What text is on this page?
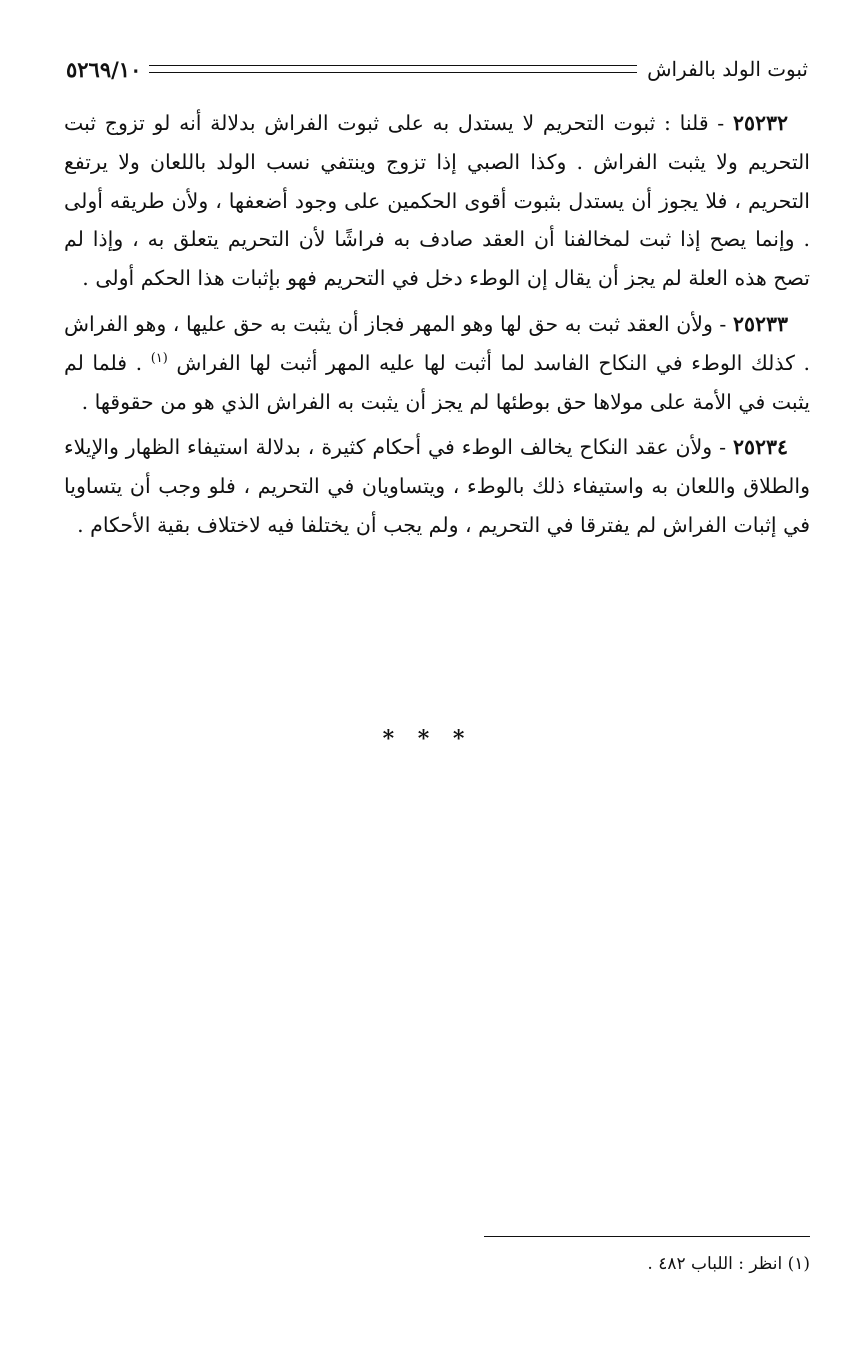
ثبوت الولد بالفراش
٥٢٦٩/١٠

٢٥٢٣٢ - قلنا : ثبوت التحريم لا يستدل به على ثبوت الفراش بدلالة أنه لو تزوج ثبت التحريم ولا يثبت الفراش . وكذا الصبي إذا تزوج وينتفي نسب الولد باللعان ولا يرتفع التحريم ، فلا يجوز أن يستدل بثبوت أقوى الحكمين على وجود أضعفها ، ولأن طريقه أولى . وإنما يصح إذا ثبت لمخالفنا أن العقد صادف به فراشًا لأن التحريم يتعلق به ، وإذا لم تصح هذه العلة لم يجز أن يقال إن الوطء دخل في التحريم فهو بإثبات هذا الحكم أولى .

٢٥٢٣٣ - ولأن العقد ثبت به حق لها وهو المهر فجاز أن يثبت به حق عليها ، وهو الفراش . كذلك الوطء في النكاح الفاسد لما أثبت لها عليه المهر أثبت لها الفراش $^{(١)}$ . فلما لم يثبت في الأمة على مولاها حق بوطئها لم يجز أن يثبت به الفراش الذي هو من حقوقها .

٢٥٢٣٤ - ولأن عقد النكاح يخالف الوطء في أحكام كثيرة ، بدلالة استيفاء الظهار والإيلاء والطلاق واللعان به واستيفاء ذلك بالوطء ، ويتساويان في التحريم ، فلو وجب أن يتساويا في إثبات الفراش لم يفترقا في التحريم ، ولم يجب أن يختلفا فيه لاختلاف بقية الأحكام .

* * *
(١) انظر : اللباب ٤٨٢ .
